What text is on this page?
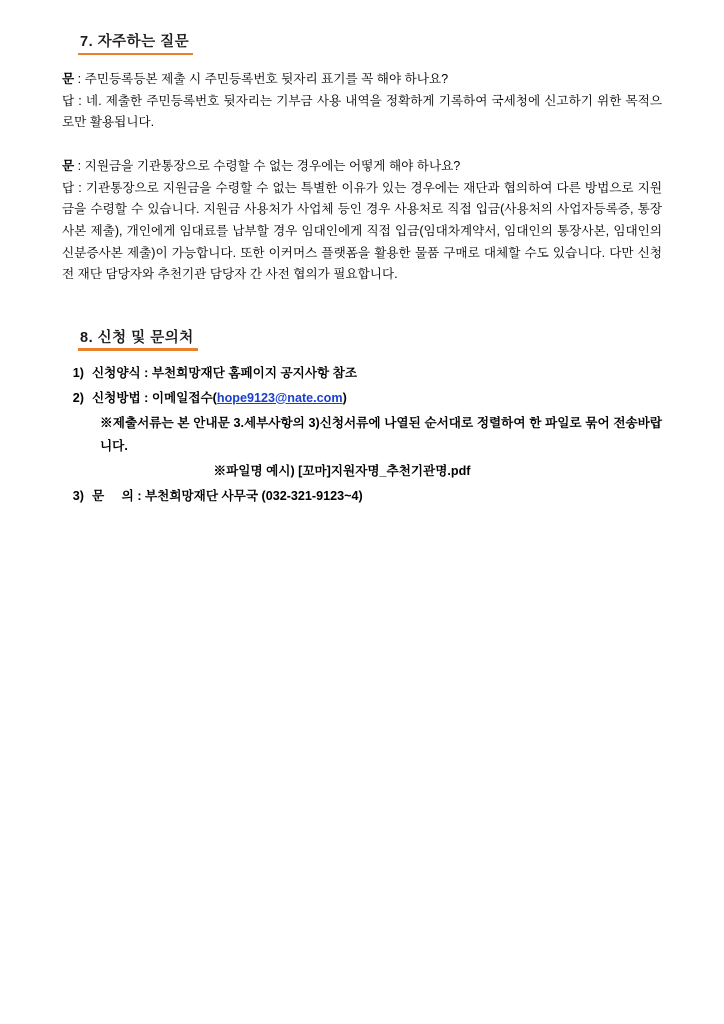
7. 자주하는 질문

문 : 주민등록등본 제출 시 주민등록번호 뒷자리 표기를 꼭 해야 하나요?

답 : 네. 제출한 주민등록번호 뒷자리는 기부금 사용 내역을 정확하게 기록하여 국세청에 신고하기 위한 목적으로만 활용됩니다.

문 : 지원금을 기관통장으로 수령할 수 없는 경우에는 어떻게 해야 하나요?

답 : 기관통장으로 지원금을 수령할 수 없는 특별한 이유가 있는 경우에는 재단과 협의하여 다른 방법으로 지원금을 수령할 수 있습니다. 지원금 사용처가 사업체 등인 경우 사용처로 직접 입금(사용처의 사업자등록증, 통장사본 제출), 개인에게 임대료를 납부할 경우 임대인에게 직접 입금(임대차계약서, 임대인의 통장사본, 임대인의 신분증사본 제출)이 가능합니다. 또한 이커머스 플랫폼을 활용한 물품 구매로 대체할 수도 있습니다. 다만 신청 전 재단 담당자와 추천기관 담당자 간 사전 협의가 필요합니다.

8. 신청 및 문의처
1) 신청양식 : 부천희망재단 홈페이지 공지사항 참조
2) 신청방법 : 이메일접수(hope9123@nate.com)

※제출서류는 본 안내문 3.세부사항의 3)신청서류에 나열된 순서대로 정렬하여 한 파일로 묶어 전송바랍니다.

※파일명 예시) [꼬마]지원자명_추천기관명.pdf

3) 문     의 : 부천희망재단 사무국 (032-321-9123~4)
